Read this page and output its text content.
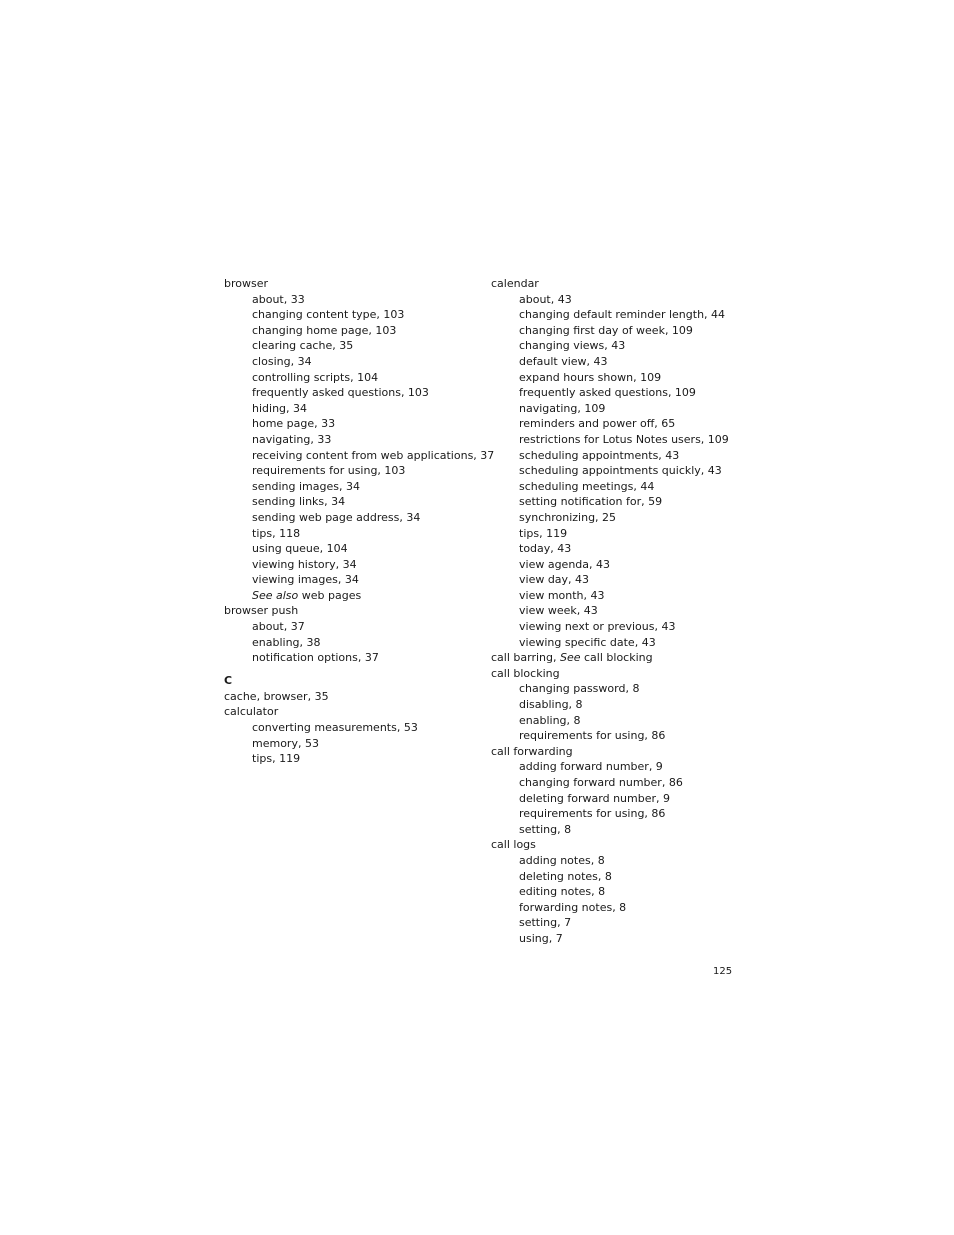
browser
about, 33
changing content type, 103
changing home page, 103
clearing cache, 35
closing, 34
controlling scripts, 104
frequently asked questions, 103
hiding, 34
home page, 33
navigating, 33
receiving content from web applications, 37
requirements for using, 103
sending images, 34
sending links, 34
sending web page address, 34
tips, 118
using queue, 104
viewing history, 34
viewing images, 34
See also web pages
browser push
about, 37
enabling, 38
notification options, 37
C
cache, browser, 35
calculator
converting measurements, 53
memory, 53
tips, 119
calendar
about, 43
changing default reminder length, 44
changing first day of week, 109
changing views, 43
default view, 43
expand hours shown, 109
frequently asked questions, 109
navigating, 109
reminders and power off, 65
restrictions for Lotus Notes users, 109
scheduling appointments, 43
scheduling appointments quickly, 43
scheduling meetings, 44
setting notification for, 59
synchronizing, 25
tips, 119
today, 43
view agenda, 43
view day, 43
view month, 43
view week, 43
viewing next or previous, 43
viewing specific date, 43
call barring, See call blocking
call blocking
changing password, 8
disabling, 8
enabling, 8
requirements for using, 86
call forwarding
adding forward number, 9
changing forward number, 86
deleting forward number, 9
requirements for using, 86
setting, 8
call logs
adding notes, 8
deleting notes, 8
editing notes, 8
forwarding notes, 8
setting, 7
using, 7
125
